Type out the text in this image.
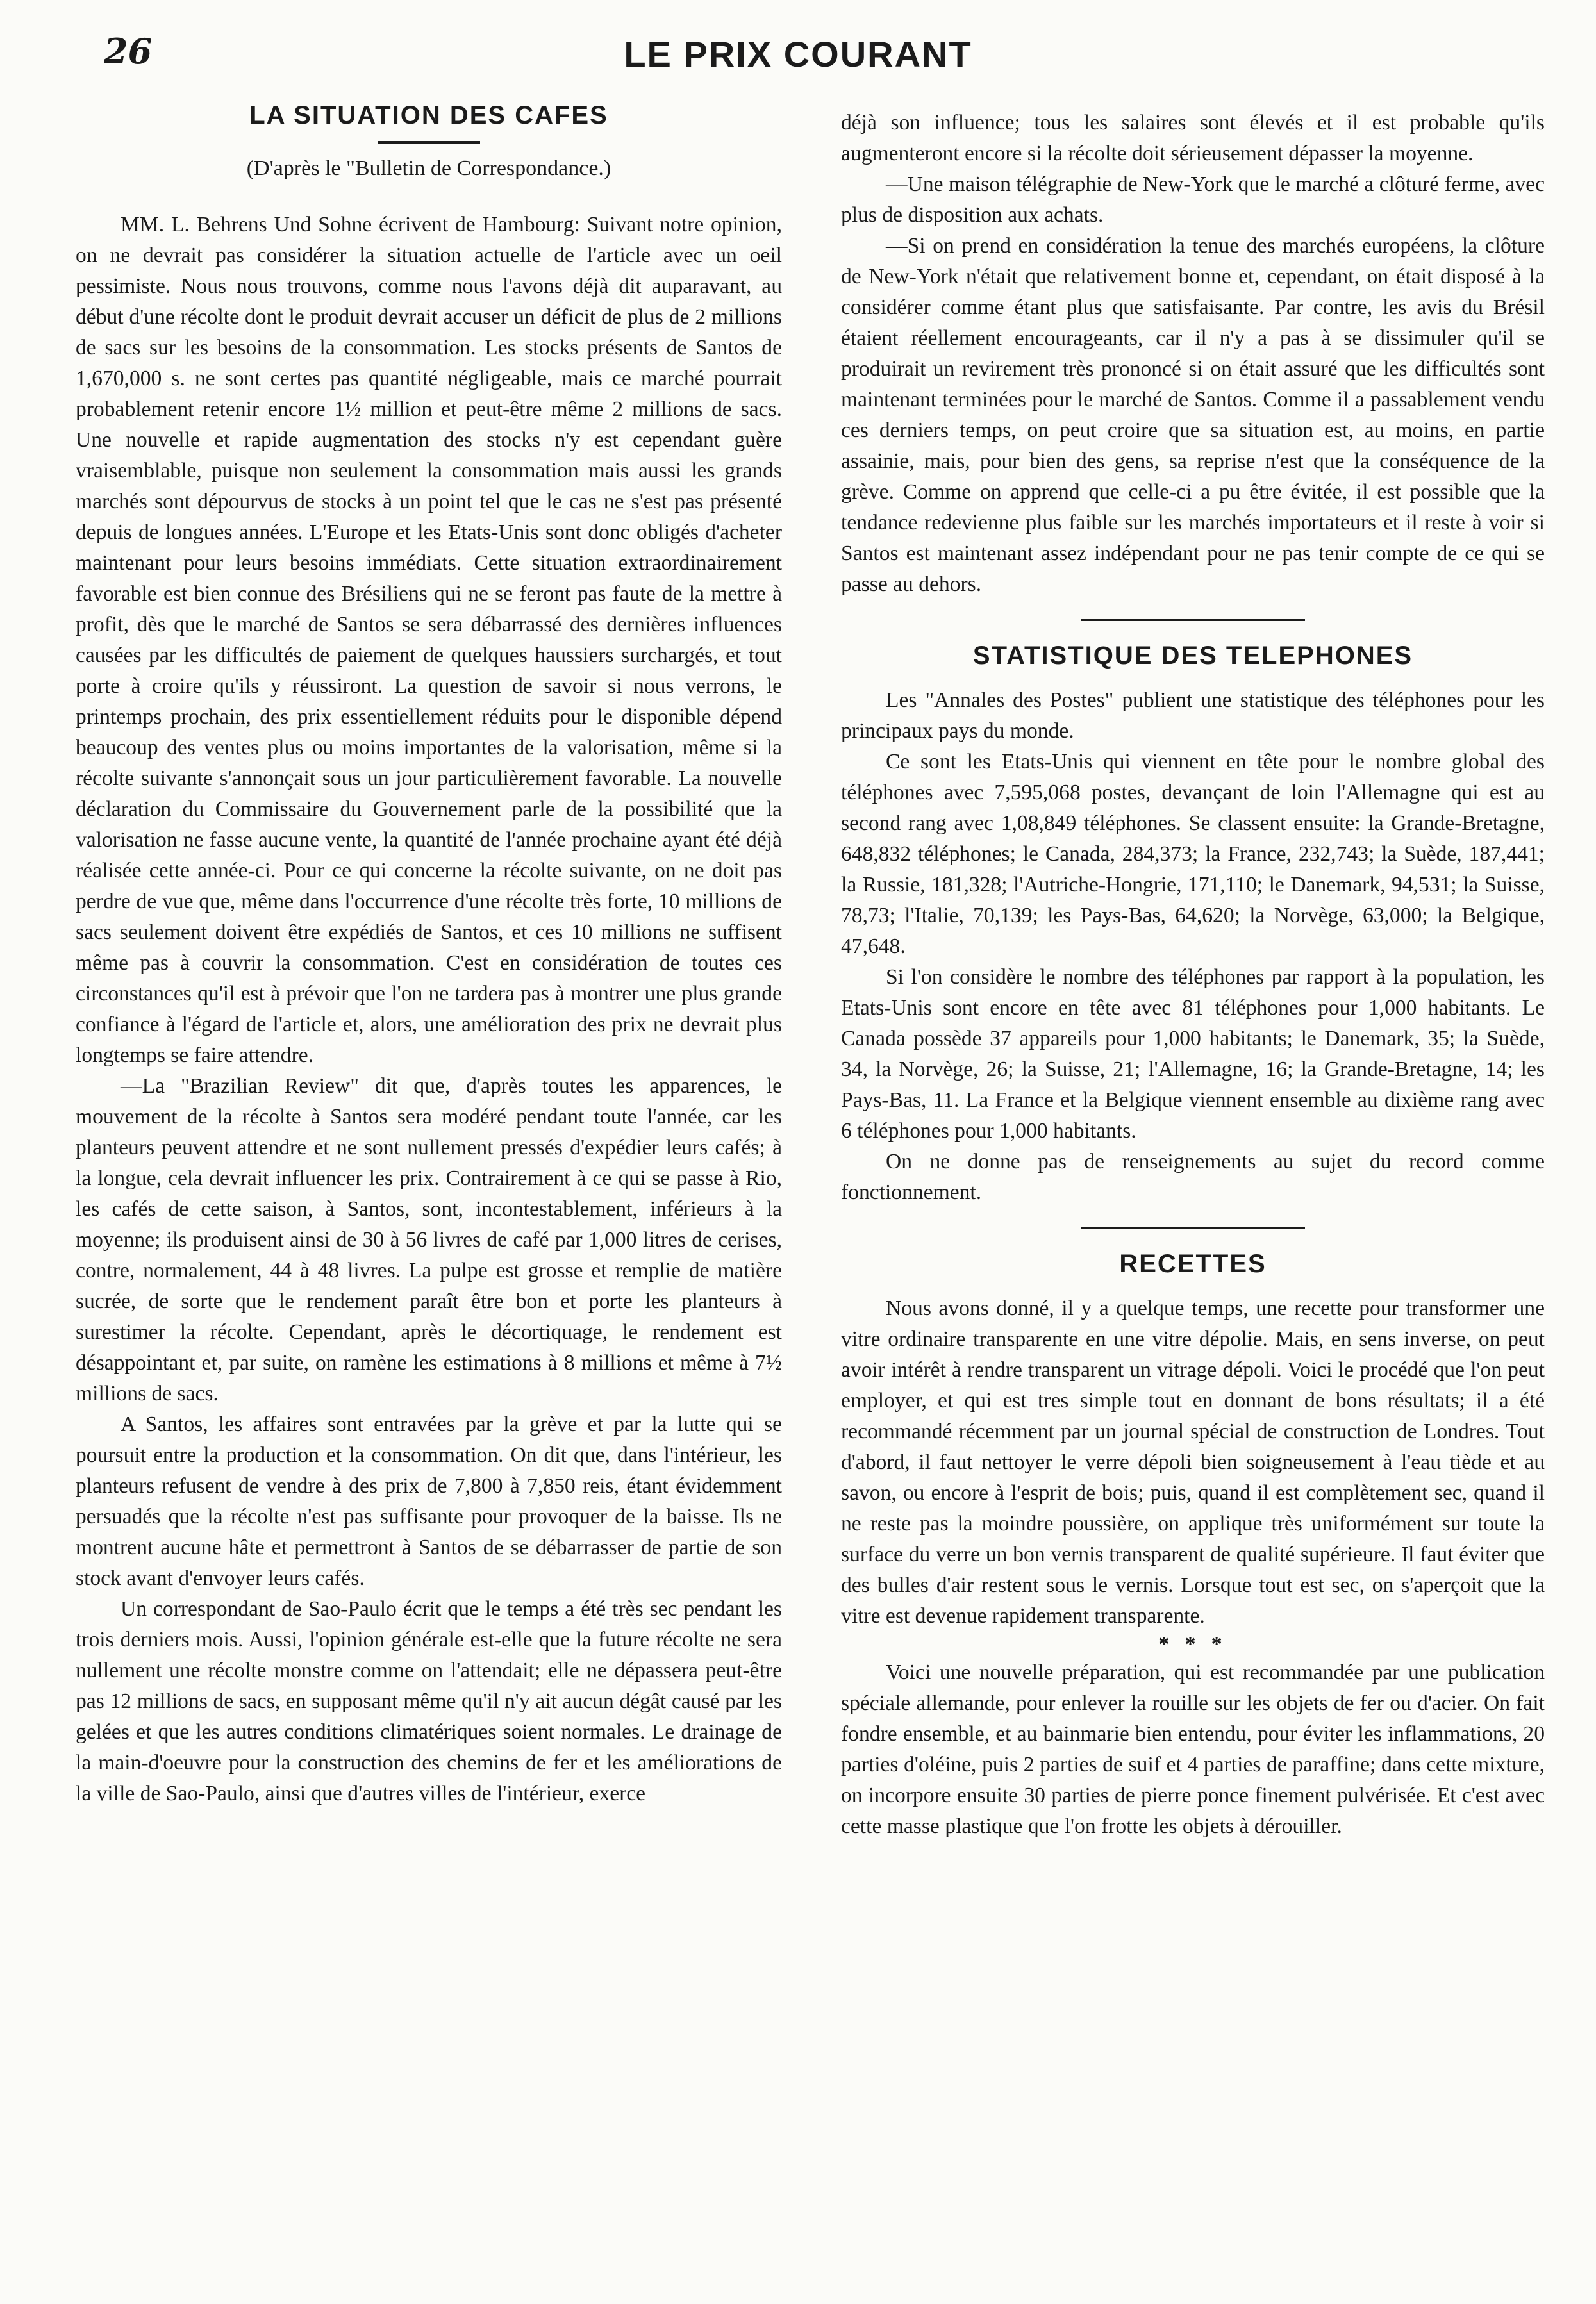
26	LE PRIX COURANT
LA SITUATION DES CAFES

(D'après le "Bulletin de Correspondance.)

MM. L. Behrens Und Sohne écrivent de Hambourg: Suivant notre opinion, on ne devrait pas considérer la situation actuelle de l'article avec un oeil pessimiste. Nous nous trouvons, comme nous l'avons déjà dit auparavant, au début d'une récolte dont le produit devrait accuser un déficit de plus de 2 millions de sacs sur les besoins de la consommation. Les stocks présents de Santos de 1,670,000 s. ne sont certes pas quantité négligeable, mais ce marché pourrait probablement retenir encore 1½ million et peut-être même 2 millions de sacs. Une nouvelle et rapide augmentation des stocks n'y est cependant guère vraisemblable, puisque non seulement la consommation mais aussi les grands marchés sont dépourvus de stocks à un point tel que le cas ne s'est pas présenté depuis de longues années. L'Europe et les Etats-Unis sont donc obligés d'acheter maintenant pour leurs besoins immédiats. Cette situation extraordinairement favorable est bien connue des Brésiliens qui ne se feront pas faute de la mettre à profit, dès que le marché de Santos se sera débarrassé des dernières influences causées par les difficultés de paiement de quelques haussiers surchargés, et tout porte à croire qu'ils y réussiront. La question de savoir si nous verrons, le printemps prochain, des prix essentiellement réduits pour le disponible dépend beaucoup des ventes plus ou moins importantes de la valorisation, même si la récolte suivante s'annonçait sous un jour particulièrement favorable. La nouvelle déclaration du Commissaire du Gouvernement parle de la possibilité que la valorisation ne fasse aucune vente, la quantité de l'année prochaine ayant été déjà réalisée cette année-ci. Pour ce qui concerne la récolte suivante, on ne doit pas perdre de vue que, même dans l'occurrence d'une récolte très forte, 10 millions de sacs seulement doivent être expédiés de Santos, et ces 10 millions ne suffisent même pas à couvrir la consommation. C'est en considération de toutes ces circonstances qu'il est à prévoir que l'on ne tardera pas à montrer une plus grande confiance à l'égard de l'article et, alors, une amélioration des prix ne devrait plus longtemps se faire attendre.

—La "Brazilian Review" dit que, d'après toutes les apparences, le mouvement de la récolte à Santos sera modéré pendant toute l'année, car les planteurs peuvent attendre et ne sont nullement pressés d'expédier leurs cafés; à la longue, cela devrait influencer les prix. Contrairement à ce qui se passe à Rio, les cafés de cette saison, à Santos, sont, incontestablement, inférieurs à la moyenne; ils produisent ainsi de 30 à 56 livres de café par 1,000 litres de cerises, contre, normalement, 44 à 48 livres. La pulpe est grosse et remplie de matière sucrée, de sorte que le rendement paraît être bon et porte les planteurs à surestimer la récolte. Cependant, après le décortiquage, le rendement est désappointant et, par suite, on ramène les estimations à 8 millions et même à 7½ millions de sacs.

A Santos, les affaires sont entravées par la grève et par la lutte qui se poursuit entre la production et la consommation. On dit que, dans l'intérieur, les planteurs refusent de vendre à des prix de 7,800 à 7,850 reis, étant évidemment persuadés que la récolte n'est pas suffisante pour provoquer de la baisse. Ils ne montrent aucune hâte et permettront à Santos de se débarrasser de partie de son stock avant d'envoyer leurs cafés.

Un correspondant de Sao-Paulo écrit que le temps a été très sec pendant les trois derniers mois. Aussi, l'opinion générale est-elle que la future récolte ne sera nullement une récolte monstre comme on l'attendait; elle ne dépassera peut-être pas 12 millions de sacs, en supposant même qu'il n'y ait aucun dégât causé par les gelées et que les autres conditions climatériques soient normales. Le drainage de la main-d'oeuvre pour la construction des chemins de fer et les améliorations de la ville de Sao-Paulo, ainsi que d'autres villes de l'intérieur, exerce

déjà son influence; tous les salaires sont élevés et il est probable qu'ils augmenteront encore si la récolte doit sérieusement dépasser la moyenne.

—Une maison télégraphie de New-York que le marché a clôturé ferme, avec plus de disposition aux achats.

—Si on prend en considération la tenue des marchés européens, la clôture de New-York n'était que relativement bonne et, cependant, on était disposé à la considérer comme étant plus que satisfaisante. Par contre, les avis du Brésil étaient réellement encourageants, car il n'y a pas à se dissimuler qu'il se produirait un revirement très prononcé si on était assuré que les difficultés sont maintenant terminées pour le marché de Santos. Comme il a passablement vendu ces derniers temps, on peut croire que sa situation est, au moins, en partie assainie, mais, pour bien des gens, sa reprise n'est que la conséquence de la grève. Comme on apprend que celle-ci a pu être évitée, il est possible que la tendance redevienne plus faible sur les marchés importateurs et il reste à voir si Santos est maintenant assez indépendant pour ne pas tenir compte de ce qui se passe au dehors.

STATISTIQUE DES TELEPHONES

Les "Annales des Postes" publient une statistique des téléphones pour les principaux pays du monde.

Ce sont les Etats-Unis qui viennent en tête pour le nombre global des téléphones avec 7,595,068 postes, devançant de loin l'Allemagne qui est au second rang avec 1,08,849 téléphones. Se classent ensuite: la Grande-Bretagne, 648,832 téléphones; le Canada, 284,373; la France, 232,743; la Suède, 187,441; la Russie, 181,328; l'Autriche-Hongrie, 171,110; le Danemark, 94,531; la Suisse, 78,73; l'Italie, 70,139; les Pays-Bas, 64,620; la Norvège, 63,000; la Belgique, 47,648.

Si l'on considère le nombre des téléphones par rapport à la population, les Etats-Unis sont encore en tête avec 81 téléphones pour 1,000 habitants. Le Canada possède 37 appareils pour 1,000 habitants; le Danemark, 35; la Suède, 34, la Norvège, 26; la Suisse, 21; l'Allemagne, 16; la Grande-Bretagne, 14; les Pays-Bas, 11. La France et la Belgique viennent ensemble au dixième rang avec 6 téléphones pour 1,000 habitants.

On ne donne pas de renseignements au sujet du record comme fonctionnement.

RECETTES

Nous avons donné, il y a quelque temps, une recette pour transformer une vitre ordinaire transparente en une vitre dépolie. Mais, en sens inverse, on peut avoir intérêt à rendre transparent un vitrage dépoli. Voici le procédé que l'on peut employer, et qui est tres simple tout en donnant de bons résultats; il a été recommandé récemment par un journal spécial de construction de Londres. Tout d'abord, il faut nettoyer le verre dépoli bien soigneusement à l'eau tiède et au savon, ou encore à l'esprit de bois; puis, quand il est complètement sec, quand il ne reste pas la moindre poussière, on applique très uniformément sur toute la surface du verre un bon vernis transparent de qualité supérieure. Il faut éviter que des bulles d'air restent sous le vernis. Lorsque tout est sec, on s'aperçoit que la vitre est devenue rapidement transparente.

* * *

Voici une nouvelle préparation, qui est recommandée par une publication spéciale allemande, pour enlever la rouille sur les objets de fer ou d'acier. On fait fondre ensemble, et au bainmarie bien entendu, pour éviter les inflammations, 20 parties d'oléine, puis 2 parties de suif et 4 parties de paraffine; dans cette mixture, on incorpore ensuite 30 parties de pierre ponce finement pulvérisée. Et c'est avec cette masse plastique que l'on frotte les objets à dérouiller.
